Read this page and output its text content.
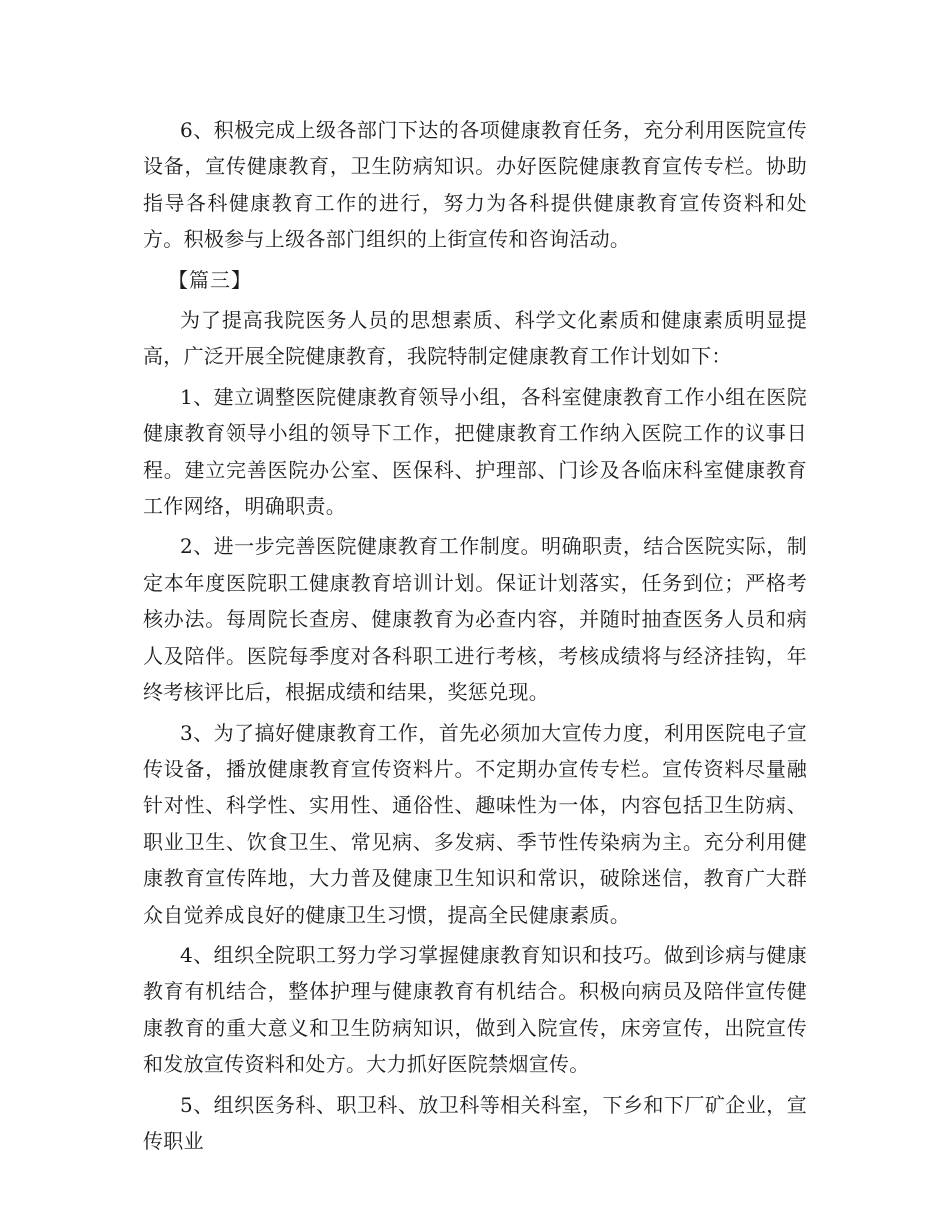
6、积极完成上级各部门下达的各项健康教育任务，充分利用医院宣传设备，宣传健康教育，卫生防病知识。办好医院健康教育宣传专栏。协助指导各科健康教育工作的进行，努力为各科提供健康教育宣传资料和处方。积极参与上级各部门组织的上街宣传和咨询活动。

【篇三】

为了提高我院医务人员的思想素质、科学文化素质和健康素质明显提高，广泛开展全院健康教育，我院特制定健康教育工作计划如下：

1、建立调整医院健康教育领导小组，各科室健康教育工作小组在医院健康教育领导小组的领导下工作，把健康教育工作纳入医院工作的议事日程。建立完善医院办公室、医保科、护理部、门诊及各临床科室健康教育工作网络，明确职责。

2、进一步完善医院健康教育工作制度。明确职责，结合医院实际，制定本年度医院职工健康教育培训计划。保证计划落实，任务到位；严格考核办法。每周院长查房、健康教育为必查内容，并随时抽查医务人员和病人及陪伴。医院每季度对各科职工进行考核，考核成绩将与经济挂钩，年终考核评比后，根据成绩和结果，奖惩兑现。

3、为了搞好健康教育工作，首先必须加大宣传力度，利用医院电子宣传设备，播放健康教育宣传资料片。不定期办宣传专栏。宣传资料尽量融针对性、科学性、实用性、通俗性、趣味性为一体，内容包括卫生防病、职业卫生、饮食卫生、常见病、多发病、季节性传染病为主。充分利用健康教育宣传阵地，大力普及健康卫生知识和常识，破除迷信，教育广大群众自觉养成良好的健康卫生习惯，提高全民健康素质。

4、组织全院职工努力学习掌握健康教育知识和技巧。做到诊病与健康教育有机结合，整体护理与健康教育有机结合。积极向病员及陪伴宣传健康教育的重大意义和卫生防病知识，做到入院宣传，床旁宣传，出院宣传和发放宣传资料和处方。大力抓好医院禁烟宣传。

5、组织医务科、职卫科、放卫科等相关科室，下乡和下厂矿企业，宣传职业
